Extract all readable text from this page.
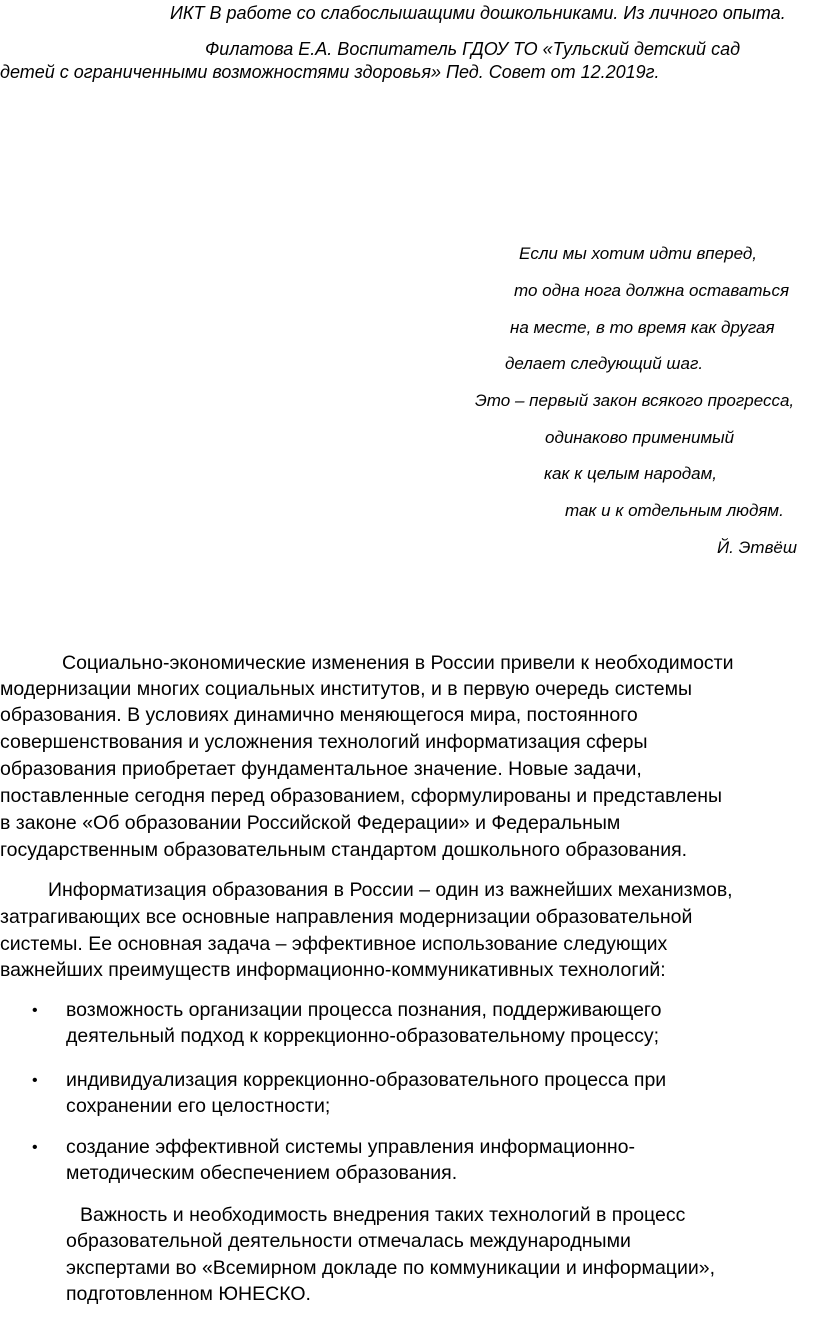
ИКТ В работе со слабослышащими дошкольниками. Из личного опыта.

Филатова Е.А. Воспитатель ГДОУ ТО «Тульский детский сад

детей с ограниченными возможностями здоровья» Пед. Совет от 12.2019г.

Если мы хотим идти вперед,

то одна нога должна оставаться

на месте, в то время как другая

делает следующий шаг.

Это – первый закон всякого прогресса,

одинаково применимый

как к целым народам,

так и к отдельным людям.

Й. Этвёш

Социально-экономические изменения в России привели к необходимости

модернизации многих социальных институтов, и в первую очередь системы

образования. В условиях динамично меняющегося мира, постоянного

совершенствования и усложнения технологий информатизация сферы

образования приобретает фундаментальное значение. Новые задачи,

поставленные сегодня перед образованием, сформулированы и представлены

в законе «Об образовании Российской Федерации» и Федеральным

государственным образовательным стандартом дошкольного образования.

Информатизация образования в России – один из важнейших механизмов,

затрагивающих все основные направления модернизации образовательной

системы. Ее основная задача – эффективное использование следующих

важнейших преимуществ информационно-коммуникативных технологий:

• возможность организации процесса познания, поддерживающего

деятельный подход к коррекционно-образовательному процессу;

• индивидуализация коррекционно-образовательного процесса при

сохранении его целостности;

• создание эффективной системы управления информационно-

методическим обеспечением образования.

Важность и необходимость внедрения таких технологий в процесс

образовательной деятельности отмечалась международными

экспертами во «Всемирном докладе по коммуникации и информации»,

подготовленном ЮНЕСКО.
